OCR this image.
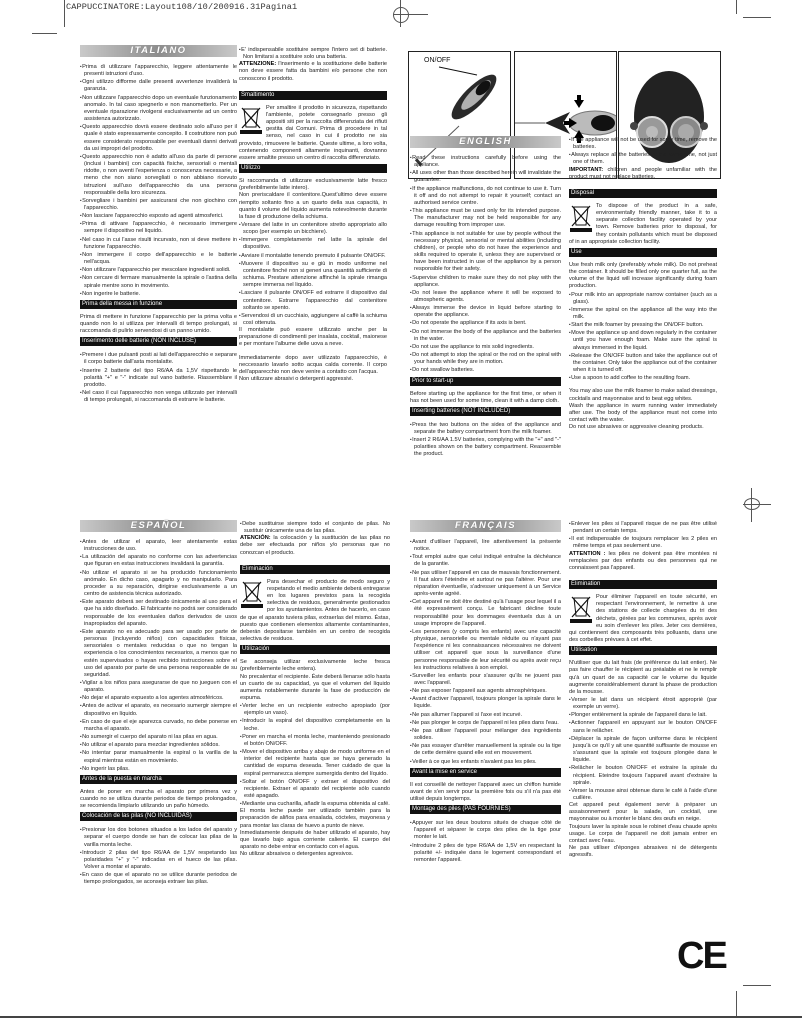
CAPPUCCINATORE:Layout108/10/200916.31Pagina1
ON/OFF
ITALIANO

• Prima di utilizzare l'apparecchio, leggere attentamente le presenti istruzioni d'uso.

• Ogni utilizzo difforme dalle presenti avvertenze invaliderà la garanzia.

• Non utilizzare l'apparecchio dopo un eventuale funzionamento anomalo. In tal caso spegnerlo e non manometterlo. Per un eventuale riparazione rivolgersi esclusivamente ad un centro assistenza autorizzato.

• Questo apparecchio dovrà essere destinato solo all'uso per il quale è stato espressamente concepito. Il costruttore non può essere considerato responsabile per eventuali danni derivati da usi impropri del prodotto.

• Questo apparecchio non è adatto all'uso da parte di persone (inclusi i bambini) con capacità fisiche, sensoriali o mentali ridotte, o non aventi l'esperienza o conoscenza necessarie, a meno che non siano sorvegliati o non abbiano ricevuto istruzioni sull'uso dell'apparecchio da una persona responsabile della loro sicurezza.

• Sorvegliare i bambini per assicurarsi che non giochino con l'apparecchio.

• Non lasciare l'apparecchio esposto ad agenti atmosferici.

• Prima di attivare l'apparecchio, è necessario immergere sempre il dispositivo nel liquido.

• Nel caso in cui l'asse risulti incurvato, non si deve mettere in funzione l'apparecchio.

• Non immergere il corpo dell'apparecchio e le batterie nell'acqua.

• Non utilizzare l'apparecchio per mescolare ingredienti solidi.

• Non cercare di fermare manualmente la spirale o l'astina della spirale mentre sono in movimento.

• Non ingerire le batterie.

Prima della messa in funzione

Prima di mettere in funzione l'apparecchio per la prima volta e quando non lo si utilizza per intervalli di tempo prolungati, si raccomanda di pulirlo servendosi di un panno umido.

Inserimento delle batterie (NON INCLUSE)

• Premere i due pulsanti posti ai lati dell'apparecchio e separare il corpo batterie dall'asta montalatte.

• Inserire 2 batterie del tipo R6/AA da 1,5V rispettando le polarità "+" e "-" indicate sul vano batterie. Riassemblare il prodotto.

• Nel caso il cui l'apparecchio non venga utilizzato per intervalli di tempo prolungati, si raccomanda di estrarre le batterie.

• E' indispensabile sostituire sempre l'intero set di batterie. Non limitarsi a sostituire solo una batteria.

ATTENZIONE: l'inserimento e la sostituzione delle batterie non deve essere fatta da bambini e/o persone che non conoscono il prodotto.

Smaltimento

Per smaltire il prodotto in sicurezza, rispettando l'ambiente, potete consegnarlo presso gli appositi siti per la raccolta differenziata dei rifiuti gestita dai Comuni. Prima di procedere in tal senso, nel caso in cui il prodotto ne sia provvisto, rimuovere le batterie. Queste ultime, a loro volta, contenendo componenti altamente inquinanti, dovranno essere smaltite presso un centro di raccolta differenziato.

Utilizzo

Si raccomanda di utilizzare esclusivamente latte fresco (preferibilmente latte intero).

Non preriscaldare il contenitore.Quest'ultimo deve essere riempito soltanto fino a un quarto della sua capacità, in quanto il volume del liquido aumenta notevolmente durante la fase di produzione della schiuma.

• Versare del latte in un contenitore stretto appropriato allo scopo (per esempio un bicchiere).

• Immergere completamente nel latte la spirale del dispositivo.

• Avviare il montalatte tenendo premuto il pulsante ON/OFF.

• Muovere il dispositivo su e giù in modo uniforme nel contenitore finché non si generi una quantità sufficiente di schiuma. Prestare attenzione affinché la spirale rimanga sempre immersa nel liquido.

• Lasciare il pulsante ON/OFF ed estrarre il dispositivo dal contenitore. Estrarre l'apparecchio dal contenitore soltanto se spento.

• Servendosi di un cucchiaio, aggiungere al caffè la schiuma così ottenuta.

Il montalatte può essere utilizzato anche per la preparazione di condimenti per insalata, cocktail, maionese e per montare l'albume delle uova a neve.

Immediatamente dopo aver utilizzato l'apparecchio, è neccessario lavarlo sotto acqua calda corrente. Il corpo dell'apparecchio non deve venire a contatto con l'acqua.

Non utilizzare abrasivi o detergenti aggressivi.

ENGLISH

• Read these instructions carefully before using the appliance.

• All uses other than those described herein will invalidate the guarantee.

• If the appliance malfunctions, do not continue to use it. Turn it off and do not attempt to repair it yourself; contact an authorised service centre.

• This appliance must be used only for its intended purpose. The manufacturer may not be held responsible for any damage resulting from improper use.

• This appliance is not suitable for use by people without the necessary physical, sensorial or mental abilities (including children), or people who do not have the experience and skills required to operate it, unless they are supervised or have been instructed in use of the appliance by a person responsible for their safety.

• Supervise children to make sure they do not play with the appliance.

• Do not leave the appliance where it will be exposed to atmospheric agents.

• Always immerse the device in liquid before starting to operate the appliance.

• Do not operate the appliance if its axis is bent.

• Do not immerse the body of the appliance and the batteries in the water.

• Do not use the appliance to mix solid ingredients.

• Do not attempt to stop the spiral or the rod on the spiral with your hands while they are in motion.

• Do not swallow batteries.

Prior to start-up

Before starting up the appliance for the first time, or when it has not been used for some time, clean it with a damp cloth.

Inserting batteries (NOT INCLUDED)

• Press the two buttons on the sides of the appliance and separate the battery compartment from the milk foamer.

• Insert 2 R6/AA 1.5V batteries, complying with the "+" and "-" polarities shown on the battery compartment. Reassemble the product.

• If the appliance will not be used for some time, remove the batteries.

• Always replace all the batteries at the same time, not just one of them.

IMPORTANT: children and people unfamiliar with the product must not replace batteries.

Disposal

To dispose of the product in a safe, environmentally friendly manner, take it to a separate collection facility operated by your town. Remove batteries prior to disposal, for they contain pollutants which must be disposed of in an appropriate collection facility.

Use

Use fresh milk only (preferably whole milk). Do not preheat the container. It should be filled only one quarter full, as the volume of the liquid will increase significantly during foam production.

• Pour milk into an appropriate narrow container (such as a glass).

• Immerse the spiral on the appliance all the way into the milk.

• Start the milk foamer by pressing the ON/OFF button.

• Move the appliance up and down regularly in the container until you have enough foam. Make sure the spiral is always immersed in the liquid.

• Release the ON/OFF button and take the appliance out of the container. Only take the appliance out of the container when it is turned off.

• Use a spoon to add coffee to the resulting foam.

You may also use the milk foamer to make salad dressings, cocktails and mayonnaise and to beat egg whites.

Wash the appliance in warm running water immediately after use. The body of the appliance must not come into contact with the water.

Do not use abrasives or aggressive cleaning products.

ESPAÑOL

• Antes de utilizar el aparato, leer atentamente estas instrucciones de uso.

• La utilización del aparato no conforme con las advertencias que figuran en estas instrucciones invalidará la garantía.

• No utilizar el aparato si se ha producido funcionamiento anómalo. En dicho caso, apagarlo y no manipularlo. Para proceder a su reparación, dirigirse exclusivamente a un centro de asistencia técnica autorizado.

• Este aparato deberá ser destinado únicamente al uso para el que ha sido diseñado. El fabricante no podrá ser considerado responsable de los eventuales daños derivados de usos inapropiados del aparato.

• Este aparato no es adecuado para ser usado por parte de personas (incluyendo niños) con capacidades físicas, sensoriales o mentales reducidas o que no tengan la experiencia o los conocimientos necesarios, a menos que no estén supervisados o hayan recibido instrucciones sobre el uso del aparato por parte de una persona responsable de su seguridad.

• Vigilar a los niños para asegurarse de que no jueguen con el aparato.

• No dejar el aparato expuesto a los agentes atmosféricos.

• Antes de activar el aparato, es necesario sumergir siempre el dispositivo en líquido.

• En caso de que el eje aparezca curvado, no debe ponerse en marcha el aparato.

• No sumergir el cuerpo del aparato ni las pilas en agua.

• No utilizar el aparato para mezclar ingredientes sólidos.

• No intentar parar manualmente la espiral o la varilla de la espiral mientras están en movimiento.

• No ingerir las pilas.

Antes de la puesta en marcha

Antes de poner en marcha el aparato por primera vez y cuando no se utiliza durante periodos de tiempo prolongados, se recomienda limpiarlo utilizando un paño húmedo.

Colocación de las pilas (NO INCLUIDAS)

• Presionar los dos botones situados a los lados del aparato y separar el cuerpo donde se han de colocar las pilas de la varilla monta leche.

• Introducir 2 pilas del tipo R6/AA de 1,5V respetando las polaridades "+" y "-" indicadas en el hueco de las pilas. Volver a montar el aparato.

• En caso de que el aparato no se utilice durante periodos de tiempo prolongados, se aconseja extraer las pilas.

• Debe sustituirse siempre todo el conjunto de pilas. No sustituir únicamente una de las pilas.

ATENCIÓN: la colocación y la sustitución de las pilas no debe ser efectuada por niños y/o personas que no conozcan el producto.

Eliminación

Para desechar el producto de modo seguro y respetando el medio ambiente deberá entregarse en los lugares previstos para la recogida selectiva de residuos, generalmente gestionados por los ayuntamientos. Antes de hacerlo, en caso de que el aparato tuviera pilas, extraerlas del mismo. Éstas, puesto que contienen elementos altamente contaminantes, deberán depositarse también en un centro de recogida selectiva de residuos.

Utilización

Se aconseja utilizar exclusivamente leche fresca (preferiblemente leche entera).

No precalentar el recipiente. Éste deberá llenarse sólo hasta un cuarto de su capacidad, ya que el volumen del líquido aumenta notablemente durante la fase de producción de espuma.

• Verter leche en un recipiente estrecho apropiado (por ejemplo un vaso).

• Introducir la espiral del dispositivo completamente en la leche.

• Poner en marcha el monta leche, manteniendo presionado el botón ON/OFF.

• Mover el dispositivo arriba y abajo de modo uniforme en el interior del recipiente hasta que se haya generado la cantidad de espuma deseada. Tener cuidado de que la espiral permanezca siempre sumergida dentro del líquido.

• Soltar el botón ON/OFF y extraer el dispositivo del recipiente. Extraer el aparato del recipiente sólo cuando esté apagado.

• Mediante una cucharilla, añadir la espuma obtenida al café.

El monta leche puede ser utilizado también para la preparación de aliños para ensalada, cócteles, mayonesa y para montar las claras de huevo a punto de nieve.

Inmediatamente después de haber utilizado el aparato, hay que lavarlo bajo agua corriente caliente. El cuerpo del aparato no debe entrar en contacto con el agua.

No utilizar abrasivos o detergentes agresivos.

FRANÇAIS

• Avant d'utiliser l'appareil, lire attentivement la présente notice.

• Tout emploi autre que celui indiqué entraîne la déchéance de la garantie.

• Ne pas utiliser l'appareil en cas de mauvais fonctionnement. Il faut alors l'éteindre et surtout ne pas l'altérer. Pour une réparation éventuelle, s'adresser uniquement à un Service après-vente agréé.

• Cet appareil ne doit être destiné qu'à l'usage pour lequel il a été expressément conçu. Le fabricant décline toute responsabilité pour les dommages éventuels dus à un usage impropre de l'appareil.

• Les personnes (y compris les enfants) avec une capacité physique, sensorielle ou mentale réduite ou n'ayant pas l'expérience ni les connaissances nécessaires ne doivent utiliser cet appareil que sous la surveillance d'une personne responsable de leur sécurité ou après avoir reçu les instructions relatives à son emploi.

• Surveiller les enfants pour s'assurer qu'ils ne jouent pas avec l'appareil.

• Ne pas exposer l'appareil aux agents atmosphériques.

• Avant d'activer l'appareil, toujours plonger la spirale dans le liquide.

• Ne pas allumer l'appareil si l'axe est incurvé.

• Ne pas plonger le corps de l'appareil ni les piles dans l'eau.

• Ne pas utiliser l'appareil pour mélanger des ingrédients solides.

• Ne pas essayer d'arrêter manuellement la spirale ou la tige de cette dernière quand elle est en mouvement.

• Veiller à ce que les enfants n'avalent pas les piles.

Avant la mise en service

Il est conseillé de nettoyer l'appareil avec un chiffon humide avant de s'en servir pour la première fois ou s'il n'a pas été utilisé depuis longtemps.

Montage des piles (PAS FOURNIES)

• Appuyer sur les deux boutons situés de chaque côté de l'appareil et séparer le corps des piles de la tige pour monter le lait.

• Introduire 2 piles de type R6/AA de 1,5V en respectant la polarité +/- indiquée dans le logement correspondant et remonter l'appareil.

• Enlever les piles si l'appareil risque de ne pas être utilisé pendant un certain temps.

• Il est indispensable de toujours remplacer les 2 piles en même temps et pas seulement une.

ATTENTION : les piles ne doivent pas être montées ni remplacées par des enfants ou des personnes qui ne connaissent pas l'appareil.

Élimination

Pour éliminer l'appareil en toute sécurité, en respectant l'environnement, le remettre à une des stations de collecte chargées du tri des déchets, gérées par les communes, après avoir eu soin d'enlever les piles. Jeter ces dernières, qui contiennent des composants très polluants, dans une des corbeilles prévues à cet effet.

Utilisation

N'utiliser que du lait frais (de préférence du lait entier). Ne pas faire chauffer le récipient au préalable et ne le remplir qu'à un quart de sa capacité car le volume du liquide augmente considérablement durant la phase de production de la mousse.

• Verser le lait dans un récipient étroit approprié (par exemple un verre).

• Plonger entièrement la spirale de l'appareil dans le lait.

• Actionner l'appareil en appuyant sur le bouton ON/OFF sans le relâcher.

• Déplacer la spirale de façon uniforme dans le récipient jusqu'à ce qu'il y ait une quantité suffisante de mousse en s'assurant que la spirale est toujours plongée dans le liquide.

• Relâcher le bouton ON/OFF et extraire la spirale du récipient. Eteindre toujours l'appareil avant d'extraire la spirale.

• Verser la mousse ainsi obtenue dans le café à l'aide d'une cuillère.

Cet appareil peut également servir à préparer un assaisonnement pour la salade, un cocktail, une mayonnaise ou à monter le blanc des œufs en neige.

Toujours laver la spirale sous le robinet d'eau chaude après usage. Le corps de l'appareil ne doit jamais entrer en contact avec l'eau.

Ne pas utiliser d'éponges abrasives ni de détergents agressifs.

CE
